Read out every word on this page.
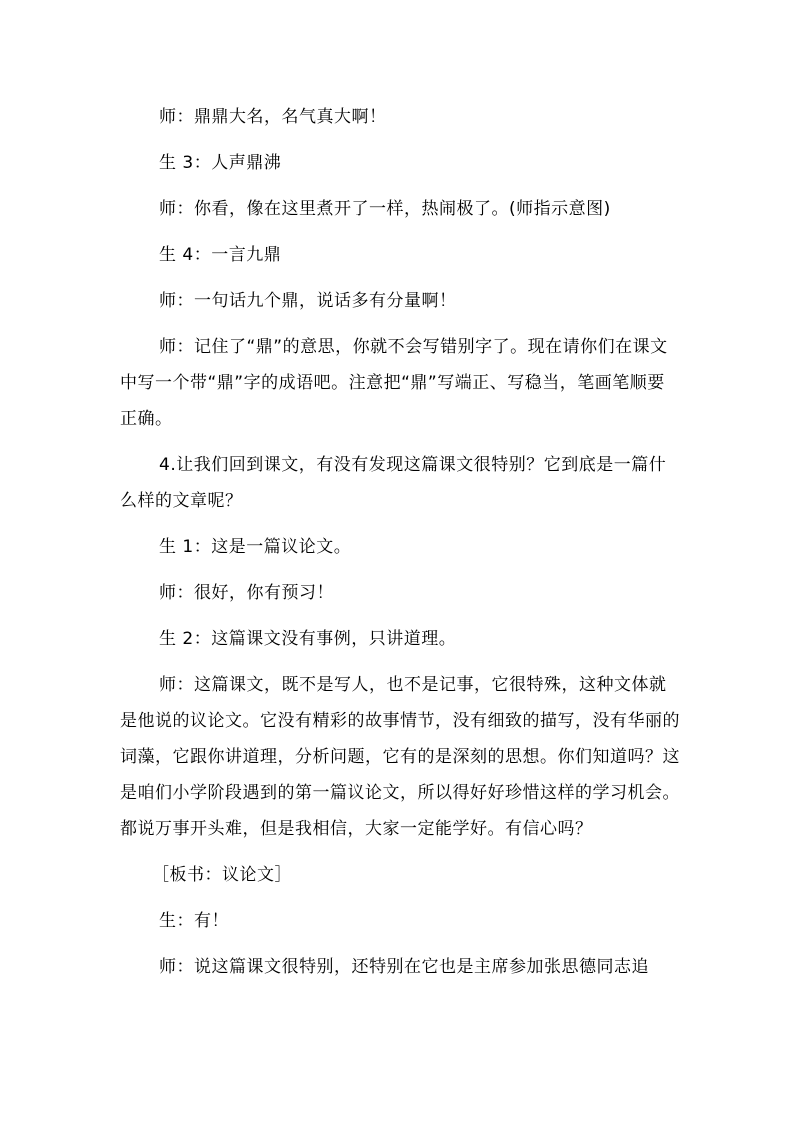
师：鼎鼎大名，名气真大啊！

生 3：人声鼎沸

师：你看，像在这里煮开了一样，热闹极了。(师指示意图)

生 4：一言九鼎

师：一句话九个鼎，说话多有分量啊！

师：记住了“鼎”的意思，你就不会写错别字了。现在请你们在课文中写一个带“鼎”字的成语吧。注意把“鼎”写端正、写稳当，笔画笔顺要正确。

4.让我们回到课文，有没有发现这篇课文很特别？它到底是一篇什么样的文章呢？

生 1：这是一篇议论文。

师：很好，你有预习！

生 2：这篇课文没有事例，只讲道理。

师：这篇课文，既不是写人，也不是记事，它很特殊，这种文体就是他说的议论文。它没有精彩的故事情节，没有细致的描写，没有华丽的词藻，它跟你讲道理，分析问题，它有的是深刻的思想。你们知道吗？这是咱们小学阶段遇到的第一篇议论文，所以得好好珍惜这样的学习机会。都说万事开头难，但是我相信，大家一定能学好。有信心吗？

［板书：议论文］

生：有！

师：说这篇课文很特别，还特别在它也是主席参加张思德同志追
